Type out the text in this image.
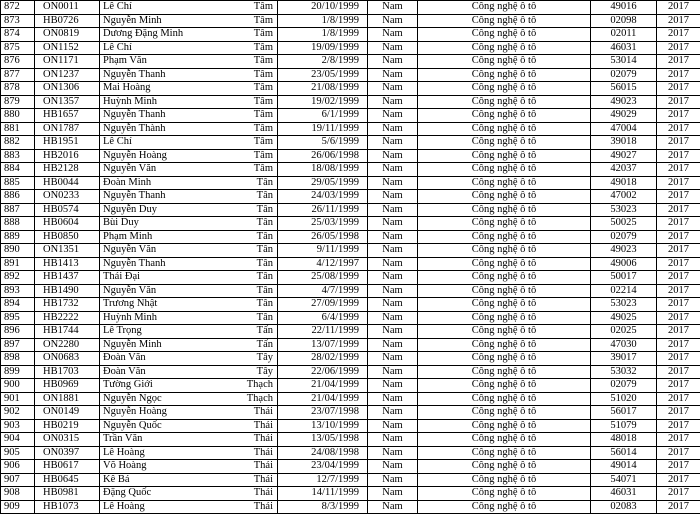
872	ON0011	Lê Chí	Tâm	20/10/1999	Nam	Công nghệ ô tô	49016	2017
873	HB0726	Nguyễn Minh	Tâm	1/8/1999	Nam	Công nghệ ô tô	02098	2017
874	ON0819	Dương Đặng Minh	Tâm	1/8/1999	Nam	Công nghệ ô tô	02011	2017
875	ON1152	Lê Chí	Tâm	19/09/1999	Nam	Công nghệ ô tô	46031	2017
876	ON1171	Phạm Văn	Tâm	2/8/1999	Nam	Công nghệ ô tô	53014	2017
877	ON1237	Nguyễn Thanh	Tâm	23/05/1999	Nam	Công nghệ ô tô	02079	2017
878	ON1306	Mai Hoàng	Tâm	21/08/1999	Nam	Công nghệ ô tô	56015	2017
879	ON1357	Huỳnh Minh	Tâm	19/02/1999	Nam	Công nghệ ô tô	49023	2017
880	HB1657	Nguyễn Thanh	Tâm	6/1/1999	Nam	Công nghệ ô tô	49029	2017
881	ON1787	Nguyễn Thành	Tâm	19/11/1999	Nam	Công nghệ ô tô	47004	2017
882	HB1951	Lê Chí	Tâm	5/6/1999	Nam	Công nghệ ô tô	39018	2017
883	HB2016	Nguyễn Hoàng	Tâm	26/06/1998	Nam	Công nghệ ô tô	49027	2017
884	HB2128	Nguyễn Văn	Tâm	18/08/1999	Nam	Công nghệ ô tô	42037	2017
885	HB0044	Đoàn Minh	Tân	29/05/1999	Nam	Công nghệ ô tô	49018	2017
886	ON0233	Nguyễn Thanh	Tân	24/03/1999	Nam	Công nghệ ô tô	47002	2017
887	HB0574	Nguyễn Duy	Tân	26/11/1999	Nam	Công nghệ ô tô	53023	2017
888	HB0604	Bùi Duy	Tân	25/03/1999	Nam	Công nghệ ô tô	50025	2017
889	HB0850	Phạm Minh	Tân	26/05/1998	Nam	Công nghệ ô tô	02079	2017
890	ON1351	Nguyễn Văn	Tân	9/11/1999	Nam	Công nghệ ô tô	49023	2017
891	HB1413	Nguyễn Thanh	Tân	4/12/1997	Nam	Công nghệ ô tô	49006	2017
892	HB1437	Thái Đại	Tân	25/08/1999	Nam	Công nghệ ô tô	50017	2017
893	HB1490	Nguyễn Văn	Tân	4/7/1999	Nam	Công nghệ ô tô	02214	2017
894	HB1732	Trương Nhật	Tân	27/09/1999	Nam	Công nghệ ô tô	53023	2017
895	HB2222	Huỳnh Minh	Tân	6/4/1999	Nam	Công nghệ ô tô	49025	2017
896	HB1744	Lê Trọng	Tấn	22/11/1999	Nam	Công nghệ ô tô	02025	2017
897	ON2280	Nguyễn Minh	Tấn	13/07/1999	Nam	Công nghệ ô tô	47030	2017
898	ON0683	Đoàn Văn	Tây	28/02/1999	Nam	Công nghệ ô tô	39017	2017
899	HB1703	Đoàn Văn	Tây	22/06/1999	Nam	Công nghệ ô tô	53032	2017
900	HB0969	Tường Giới	Thạch	21/04/1999	Nam	Công nghệ ô tô	02079	2017
901	ON1881	Nguyễn Ngọc	Thạch	21/04/1999	Nam	Công nghệ ô tô	51020	2017
902	ON0149	Nguyễn Hoàng	Thái	23/07/1998	Nam	Công nghệ ô tô	56017	2017
903	HB0219	Nguyễn Quốc	Thái	13/10/1999	Nam	Công nghệ ô tô	51079	2017
904	ON0315	Trần Văn	Thái	13/05/1998	Nam	Công nghệ ô tô	48018	2017
905	ON0397	Lê Hoàng	Thái	24/08/1998	Nam	Công nghệ ô tô	56014	2017
906	HB0617	Võ Hoàng	Thái	23/04/1999	Nam	Công nghệ ô tô	49014	2017
907	HB0645	Kê Bá	Thái	12/7/1999	Nam	Công nghệ ô tô	54071	2017
908	HB0981	Đặng Quốc	Thái	14/11/1999	Nam	Công nghệ ô tô	46031	2017
909	HB1073	Lê Hoàng	Thái	8/3/1999	Nam	Công nghệ ô tô	02083	2017
